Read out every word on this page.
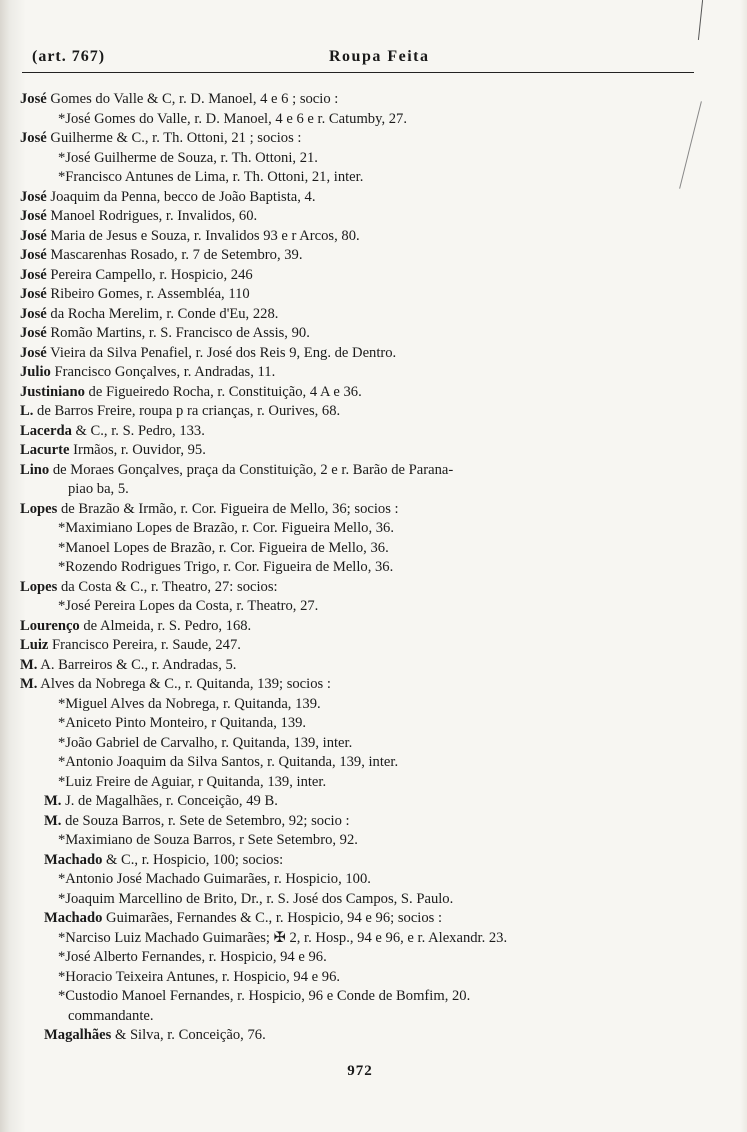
(art. 767)	Roupa Feita
José Gomes do Valle & C, r. D. Manoel, 4 e 6 ; socio :
*José Gomes do Valle, r. D. Manoel, 4 e 6 e r. Catumby, 27.
José Guilherme & C., r. Th. Ottoni, 21 ; socios :
*José Guilherme de Souza, r. Th. Ottoni, 21.
*Francisco Antunes de Lima, r. Th. Ottoni, 21, inter.
José Joaquim da Penna, becco de João Baptista, 4.
José Manoel Rodrigues, r. Invalidos, 60.
José Maria de Jesus e Souza, r. Invalidos 93 e r Arcos, 80.
José Mascarenhas Rosado, r. 7 de Setembro, 39.
José Pereira Campello, r. Hospicio, 246
José Ribeiro Gomes, r. Assembléa, 110
José da Rocha Merelim, r. Conde d'Eu, 228.
José Romão Martins, r. S. Francisco de Assis, 90.
José Vieira da Silva Penafiel, r. José dos Reis 9, Eng. de Dentro.
Julio Francisco Gonçalves, r. Andradas, 11.
Justiniano de Figueiredo Rocha, r. Constituição, 4 A e 36.
L. de Barros Freire, roupa p ra crianças, r. Ourives, 68.
Lacerda & C., r. S. Pedro, 133.
Lacurte Irmãos, r. Ouvidor, 95.
Lino de Moraes Gonçalves, praça da Constituição, 2 e r. Barão de Parana-
piao ba, 5.
Lopes de Brazão & Irmão, r. Cor. Figueira de Mello, 36; socios :
*Maximiano Lopes de Brazão, r. Cor. Figueira Mello, 36.
*Manoel Lopes de Brazão, r. Cor. Figueira de Mello, 36.
*Rozendo Rodrigues Trigo, r. Cor. Figueira de Mello, 36.
Lopes da Costa & C., r. Theatro, 27: socios:
*José Pereira Lopes da Costa, r. Theatro, 27.
Lourenço de Almeida, r. S. Pedro, 168.
Luiz Francisco Pereira, r. Saude, 247.
M. A. Barreiros & C., r. Andradas, 5.
M. Alves da Nobrega & C., r. Quitanda, 139; socios :
*Miguel Alves da Nobrega, r. Quitanda, 139.
*Aniceto Pinto Monteiro, r Quitanda, 139.
*João Gabriel de Carvalho, r. Quitanda, 139, inter.
*Antonio Joaquim da Silva Santos, r. Quitanda, 139, inter.
*Luiz Freire de Aguiar, r Quitanda, 139, inter.
M. J. de Magalhães, r. Conceição, 49 B.
M. de Souza Barros, r. Sete de Setembro, 92; socio :
*Maximiano de Souza Barros, r Sete Setembro, 92.
Machado & C., r. Hospicio, 100; socios:
*Antonio José Machado Guimarães, r. Hospicio, 100.
*Joaquim Marcellino de Brito, Dr., r. S. José dos Campos, S. Paulo.
Machado Guimarães, Fernandes & C., r. Hospicio, 94 e 96; socios :
*Narciso Luiz Machado Guimarães; ✠ 2, r. Hosp., 94 e 96, e r. Alexandr. 23.
*José Alberto Fernandes, r. Hospicio, 94 e 96.
*Horacio Teixeira Antunes, r. Hospicio, 94 e 96.
*Custodio Manoel Fernandes, r. Hospicio, 96 e Conde de Bomfim, 20.
commandante.
Magalhães & Silva, r. Conceição, 76.
972
